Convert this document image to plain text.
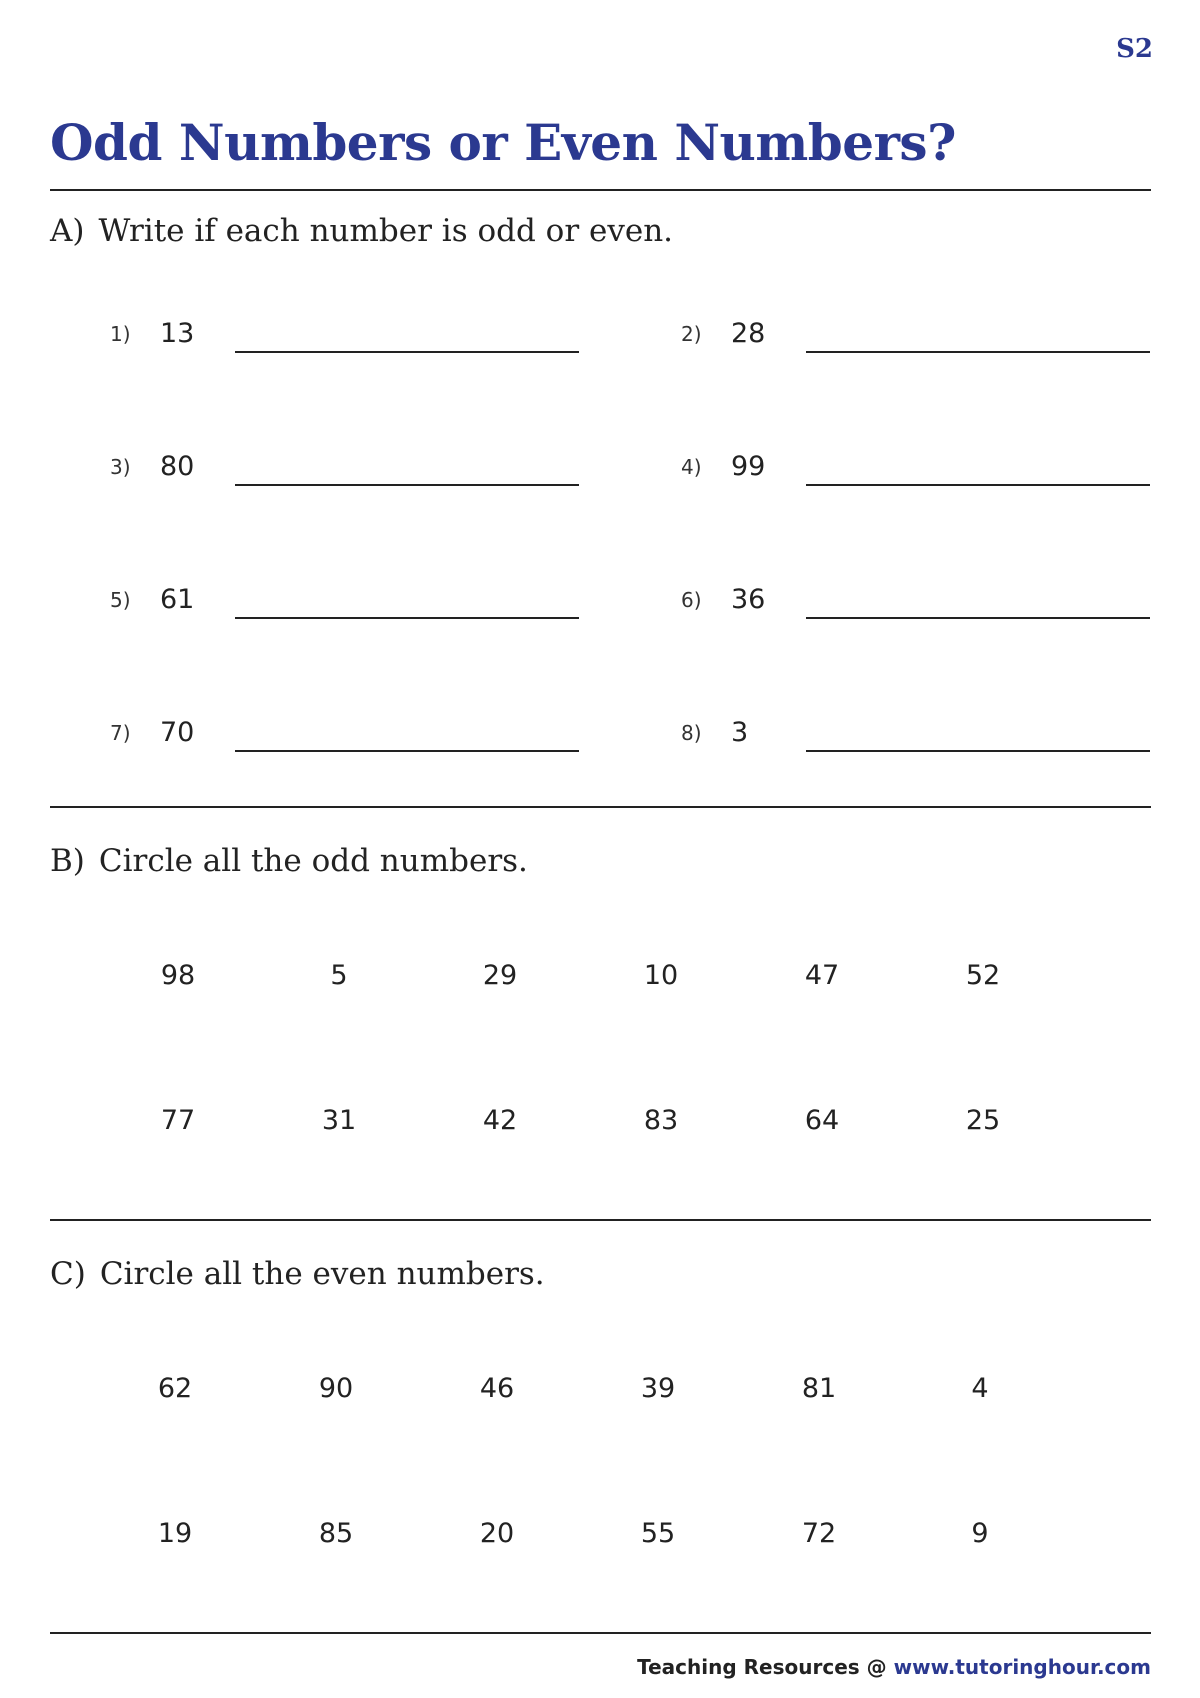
S2
Odd Numbers or Even Numbers?
A) Write if each number is odd or even.
1) 13	2) 28
3) 80	4) 99
5) 61	6) 36
7) 70	8) 3
B) Circle all the odd numbers.
98	5	29	10	47	52
77	31	42	83	64	25
C) Circle all the even numbers.
62	90	46	39	81	4
19	85	20	55	72	9
Teaching Resources @ www.tutoringhour.com
